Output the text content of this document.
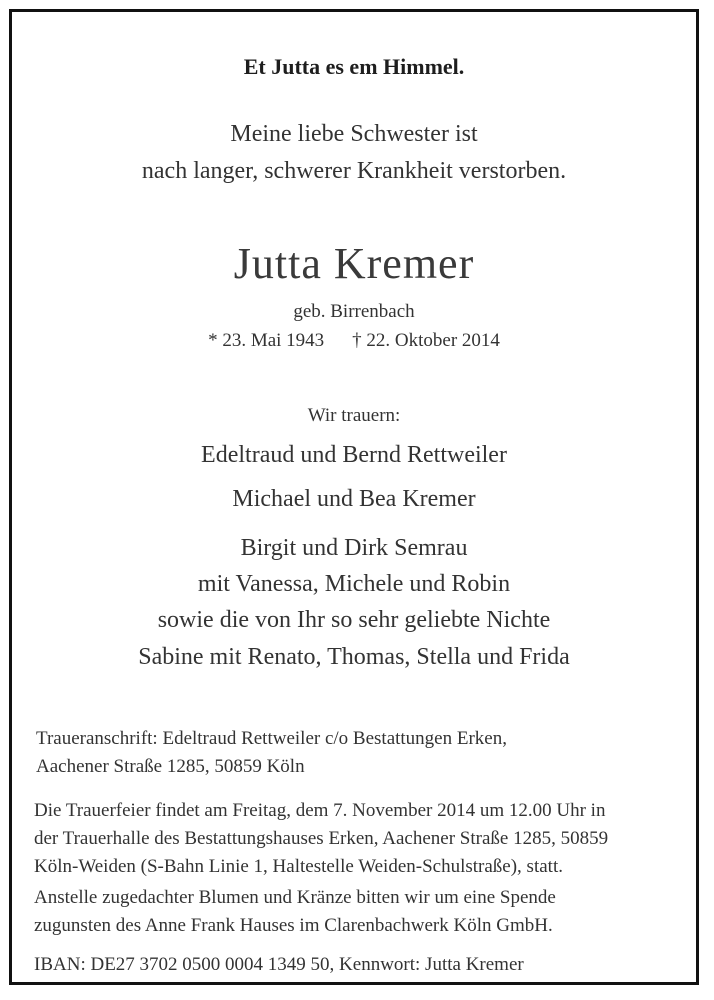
Et Jutta es em Himmel.
Meine liebe Schwester ist
nach langer, schwerer Krankheit verstorben.
Jutta Kremer
geb. Birrenbach
* 23. Mai 1943 † 22. Oktober 2014
Wir trauern:
Edeltraud und Bernd Rettweiler
Michael und Bea Kremer
Birgit und Dirk Semrau
mit Vanessa, Michele und Robin
sowie die von Ihr so sehr geliebte Nichte
Sabine mit Renato, Thomas, Stella und Frida
Traueranschrift: Edeltraud Rettweiler c/o Bestattungen Erken,
Aachener Straße 1285, 50859 Köln
Die Trauerfeier findet am Freitag, dem 7. November 2014 um 12.00 Uhr in
der Trauerhalle des Bestattungshauses Erken, Aachener Straße 1285, 50859
Köln-Weiden (S-Bahn Linie 1, Haltestelle Weiden-Schulstraße), statt.
Anstelle zugedachter Blumen und Kränze bitten wir um eine Spende
zugunsten des Anne Frank Hauses im Clarenbachwerk Köln GmbH.
IBAN: DE27 3702 0500 0004 1349 50, Kennwort: Jutta Kremer
